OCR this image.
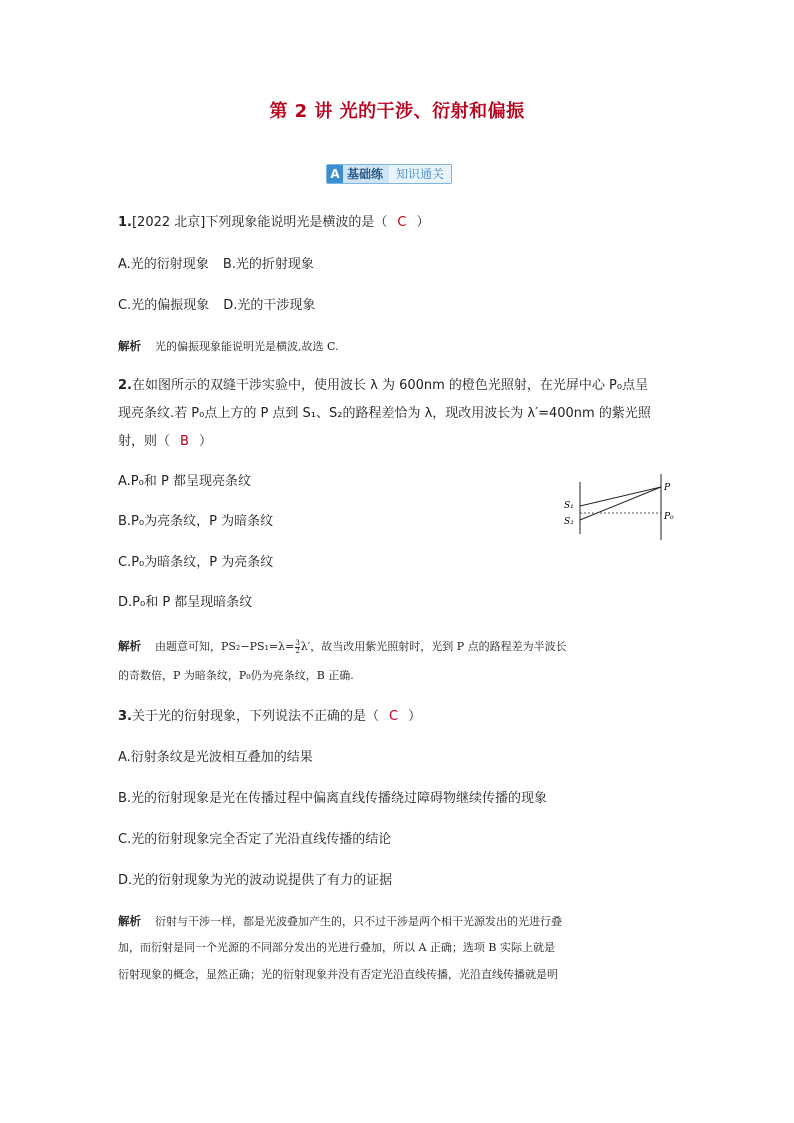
第 2 讲 光的干涉、衍射和偏振
A 基础练	知识通关
1.[2022 北京]下列现象能说明光是横波的是（ C ）
A.光的衍射现象 B.光的折射现象
C.光的偏振现象 D.光的干涉现象
解析 光的偏振现象能说明光是横波,故选 C.
2.在如图所示的双缝干涉实验中，使用波长 λ 为 600nm 的橙色光照射，在光屏中心 P₀点呈
现亮条纹.若 P₀点上方的 P 点到 S₁、S₂的路程差恰为 λ，现改用波长为 λ′=400nm 的紫光照
射，则（ B ）
A.P₀和 P 都呈现亮条纹
B.P₀为亮条纹，P 为暗条纹
C.P₀为暗条纹，P 为亮条纹
D.P₀和 P 都呈现暗条纹
S₁
S₂
P
P₀
解析 由题意可知，$PS_2-PS_1=\lambda= \frac{3}{2} \lambda'$，故当改用紫光照射时，光到 P 点的路程差为半波长
的奇数倍，P 为暗条纹，P₀仍为亮条纹，B 正确.
3.关于光的衍射现象，下列说法不正确的是（ C ）
A.衍射条纹是光波相互叠加的结果
B.光的衍射现象是光在传播过程中偏离直线传播绕过障碍物继续传播的现象
C.光的衍射现象完全否定了光沿直线传播的结论
D.光的衍射现象为光的波动说提供了有力的证据
解析 衍射与干涉一样，都是光波叠加产生的，只不过干涉是两个相干光源发出的光进行叠
加，而衍射是同一个光源的不同部分发出的光进行叠加，所以 A 正确；选项 B 实际上就是
衍射现象的概念，显然正确；光的衍射现象并没有否定光沿直线传播，光沿直线传播就是明
